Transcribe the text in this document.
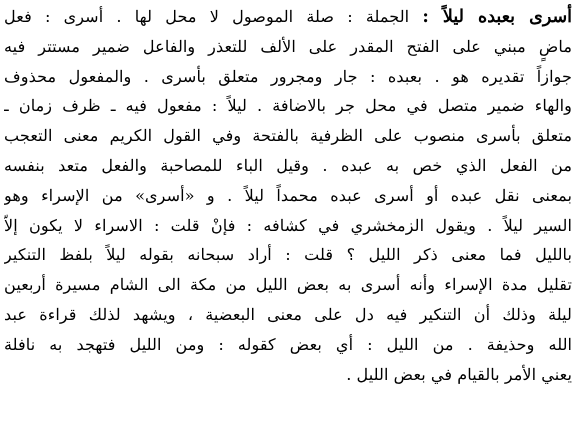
أسرى بعبده ليلاً : الجملة : صلة الموصول لا محل لها . أسرى : فعل
ماضٍ مبني على الفتح المقدر على الألف للتعذر والفاعل ضمير مستتر فيه
جوازاً تقديره هو . بعبده : جار ومجرور متعلق بأسرى . والمفعول محذوف
والهاء ضمير متصل في محل جر بالاضافة . ليلاً : مفعول فيه ـ ظرف زمان ـ
متعلق بأسرى منصوب على الظرفية بالفتحة وفي القول الكريم معنى التعجب
من الفعل الذي خص به عبده . وقيل الباء للمصاحبة والفعل متعد بنفسه
بمعنى نقل عبده أو أسرى عبده محمداً ليلاً . و «أسرى» من الإسراء وهو
السير ليلاً . ويقول الزمخشري في كشافه : فإنْ قلت : الاسراء لا يكون إلاّ
بالليل فما معنى ذكر الليل ؟ قلت : أراد سبحانه بقوله ليلاً بلفظ التنكير
تقليل مدة الإسراء وأنه أسرى به بعض الليل من مكة الى الشام مسيرة أربعين
ليلة وذلك أن التنكير فيه دل على معنى البعضية ، ويشهد لذلك قراءة عبد
الله وحذيفة . من الليل : أي بعض كقوله : ومن الليل فتهجد به نافلة
يعني الأمر بالقيام في بعض الليل .
